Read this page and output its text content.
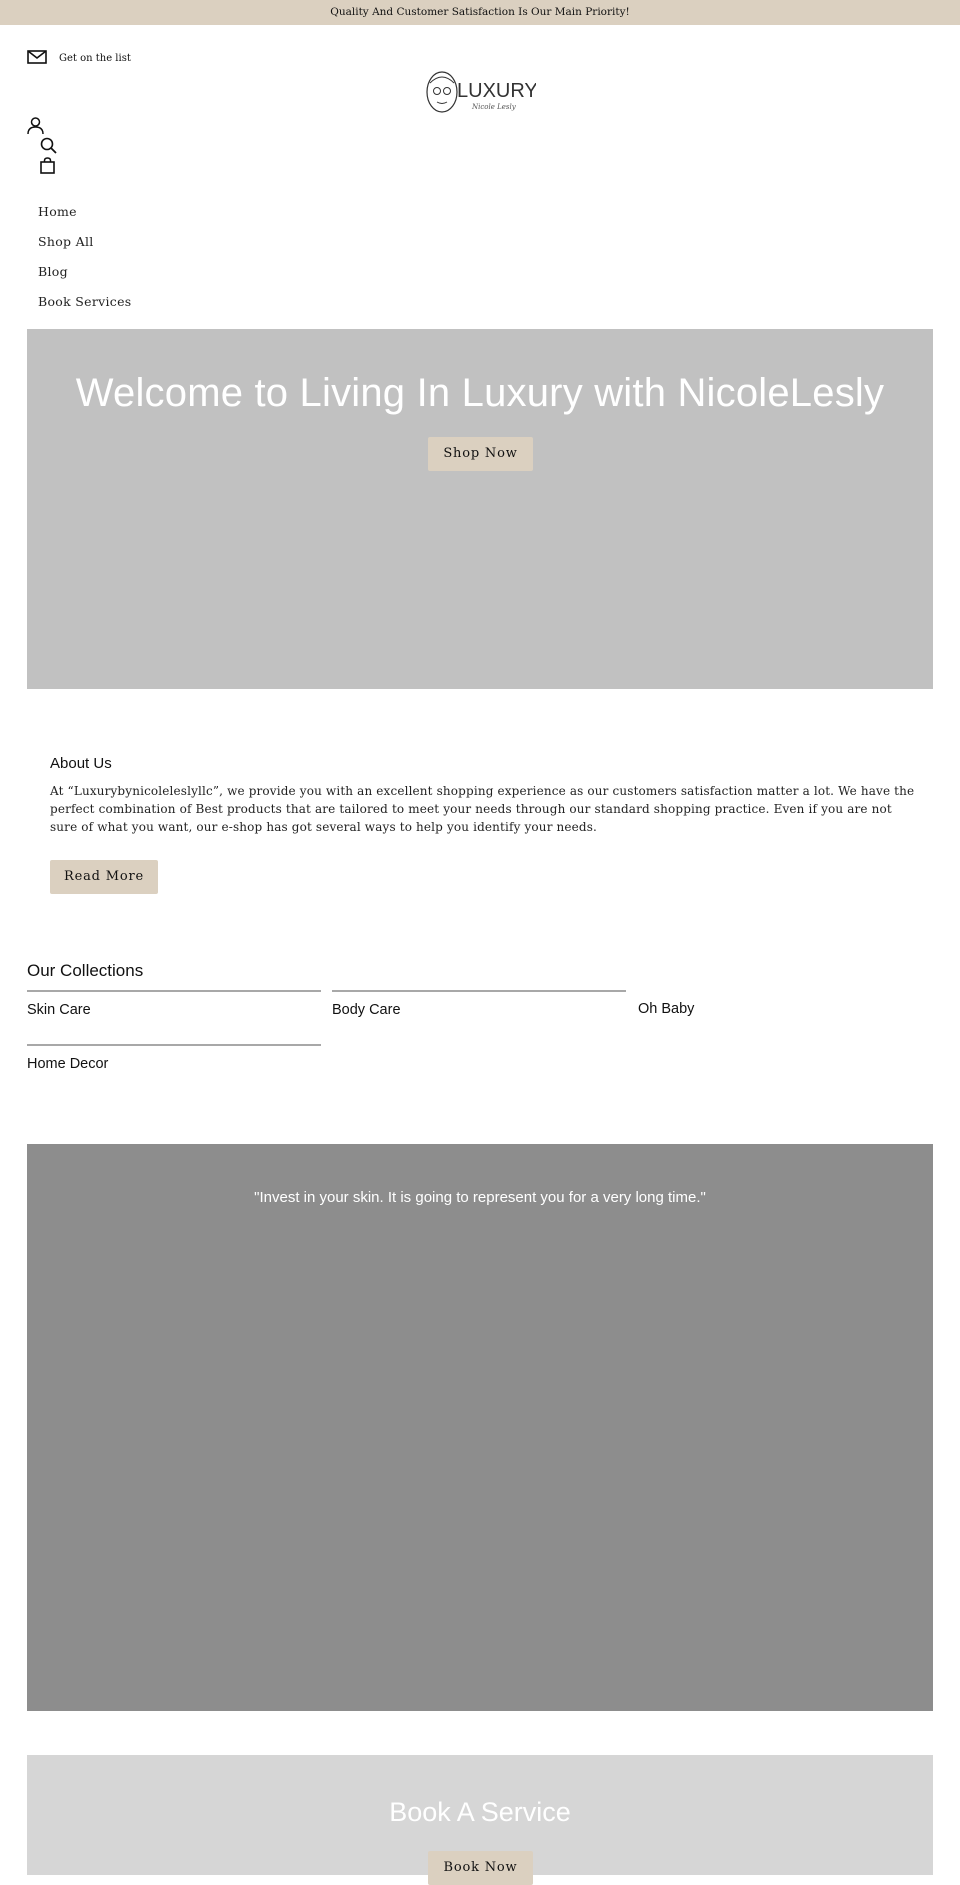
Quality And Customer Satisfaction Is Our Main Priority!
Get on the list
LUXURY
Nicole Lesly
Home
Shop All
Blog
Book Services
Welcome to Living In Luxury with NicoleLesly
Shop Now
About Us

At “Luxurybynicoleleslyllc”, we provide you with an excellent shopping experience as our customers satisfaction matter a lot. We have the perfect combination of Best products that are tailored to meet your needs through our standard shopping practice. Even if you are not sure of what you want, our e-shop has got several ways to help you identify your needs.

Read More
Our Collections
Skin Care	Body Care	Oh Baby
Home Decor

"Invest in your skin. It is going to represent you for a very long time."

Book A Service
Book Now
